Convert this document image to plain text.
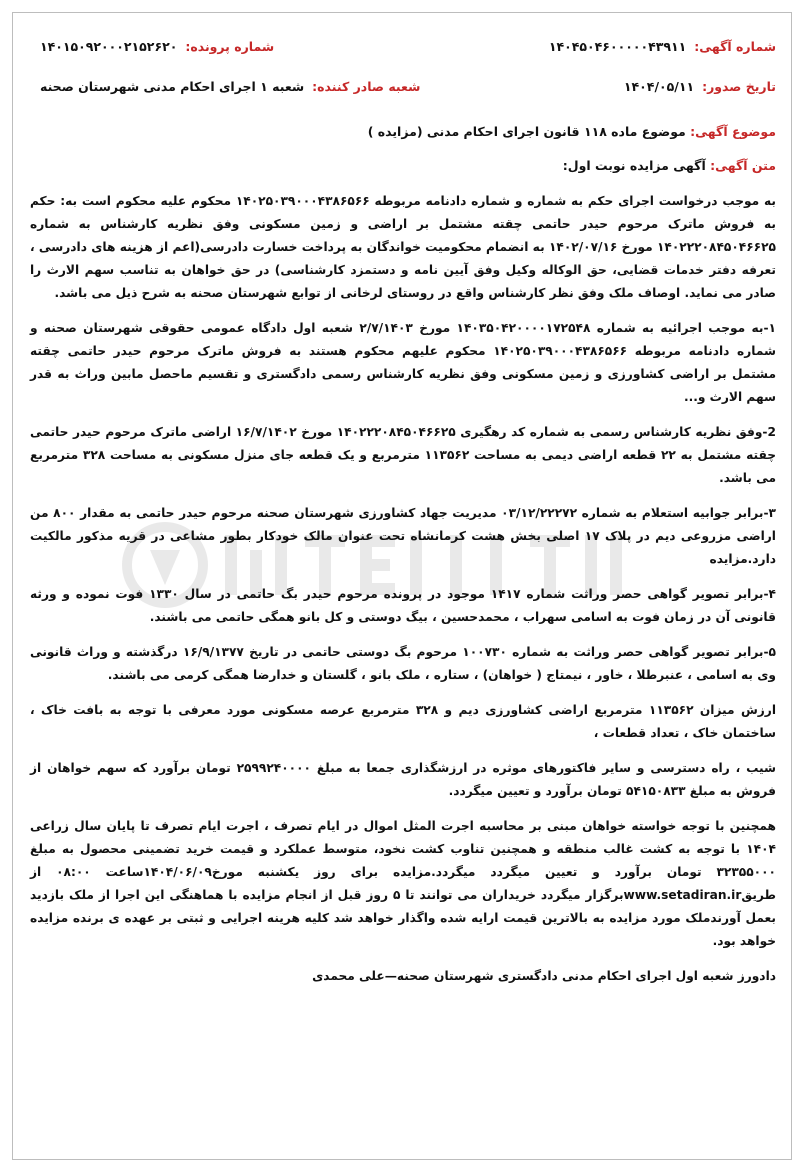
شماره آگهی:
۱۴۰۴۵۰۴۶۰۰۰۰۰۴۳۹۱۱
شماره پرونده:
۱۴۰۱۵۰۹۲۰۰۰۲۱۵۲۶۲۰
تاریخ صدور:
۱۴۰۴/۰۵/۱۱
شعبه صادر کننده:
شعبه ۱ اجرای احکام مدنی شهرستان صحنه
موضوع آگهی: موضوع ماده ۱۱۸ قانون اجرای احکام مدنی (مزایده )
متن آگهی: آگهی مزایده نوبت اول:

به موجب درخواست اجرای حکم به شماره و شماره دادنامه مربوطه ۱۴۰۲۵۰۳۹۰۰۰۴۳۸۶۵۶۶ محکوم علیه محکوم است به: حکم به فروش ماترک مرحوم حیدر حاتمی چقته مشتمل بر اراضی و زمین مسکونی وفق نظریه کارشناس به شماره ۱۴۰۲۲۲۰۸۴۵۰۴۶۶۲۵ مورخ ۱۴۰۲/۰۷/۱۶ به انضمام محکومیت خواندگان به پرداخت خسارت دادرسی(اعم از هزینه های دادرسی ، تعرفه دفتر خدمات قضایی، حق الوکاله وکیل وفق آیین نامه و دستمزد کارشناسی) در حق خواهان به تناسب سهم الارث را صادر می نماید. اوصاف ملک وفق نظر کارشناس واقع در روستای لرخانی از توابع شهرستان صحنه به شرح ذیل می باشد.

۱-به موجب اجرائیه به شماره ۱۴۰۳۵۰۴۲۰۰۰۰۱۷۲۵۴۸ مورخ ۲/۷/۱۴۰۳ شعبه اول دادگاه عمومی حقوقی شهرستان صحنه و شماره دادنامه مربوطه ۱۴۰۲۵۰۳۹۰۰۰۴۳۸۶۵۶۶ محکوم علیهم محکوم هستند به فروش ماترک مرحوم حیدر حاتمی چقته مشتمل بر اراضی کشاورزی و زمین مسکونی وفق نظریه کارشناس رسمی دادگستری و تقسیم ماحصل مابین وراث به قدر سهم الارث و...

2-وفق نظریه کارشناس رسمی به شماره کد رهگیری ۱۴۰۲۲۲۰۸۴۵۰۴۶۶۲۵ مورخ ۱۶/۷/۱۴۰۲ اراضی ماترک مرحوم حیدر حاتمی چقته مشتمل به ۲۲ قطعه اراضی دیمی به مساحت ۱۱۳۵۶۲ مترمربع و یک قطعه جای منزل مسکونی به مساحت ۳۲۸ مترمربع می باشد.

۳-برابر جوابیه استعلام به شماره ۰۳/۱۲/۲۲۲۷۲ مدیریت جهاد کشاورزی شهرستان صحنه مرحوم حیدر حاتمی به مقدار ۸۰۰ من اراضی مزروعی دیم در پلاک ۱۷ اصلی بخش هشت کرمانشاه تحت عنوان مالک خودکار بطور مشاعی در قریه مذکور مالکیت دارد.مزایده

۴-برابر تصویر گواهی حصر وراثت شماره ۱۴۱۷ موجود در پرونده مرحوم حیدر بگ حاتمی در سال ۱۳۳۰ فوت نموده و ورثه قانونی آن در زمان فوت به اسامی سهراب ، محمدحسین ، بیگ دوستی و کل بانو همگی حاتمی می باشند.

۵-برابر تصویر گواهی حصر وراثت به شماره ۱۰۰۷۳۰ مرحوم بگ دوستی حاتمی در تاریخ ۱۶/۹/۱۳۷۷ درگذشته و وراث قانونی وی به اسامی ، عنبرطلا ، خاور ، نیمتاج ( خواهان) ، ستاره ، ملک بانو ، گلستان و خدارضا همگی کرمی می باشند.

ارزش میزان ۱۱۳۵۶۲ مترمربع اراضی کشاورزی دیم و ۳۲۸ مترمربع عرصه مسکونی مورد معرفی با توجه به بافت خاک ، ساختمان خاک ، تعداد قطعات ،

شیب ، راه دسترسی و سایر فاکتورهای موثره در ارزشگذاری جمعا به مبلغ ۲۵۹۹۲۴۰۰۰۰ تومان برآورد که سهم خواهان از فروش به مبلغ ۵۴۱۵۰۸۳۳ تومان برآورد و تعیین میگردد.

همچنین با توجه خواسته خواهان مبنی بر محاسبه اجرت المثل اموال در ایام تصرف ، اجرت ایام تصرف تا پایان سال زراعی ۱۴۰۴ با توجه به کشت غالب منطقه و همچنین تناوب کشت نخود، متوسط عملکرد و قیمت خرید تضمینی محصول به مبلغ ۳۲۳۵۵۰۰۰ تومان برآورد و تعیین میگردد میگردد.مزایده برای روز یکشنبه مورخ۱۴۰۴/۰۶/۰۹ساعت ۰۸:۰۰ از طریقwww.setadiran.irبرگزار میگردد خریداران می توانند تا ۵ روز قبل از انجام مزایده با هماهنگی این اجرا از ملک بازدید بعمل آورندملک مورد مزایده به بالاترین قیمت ارایه شده واگذار خواهد شد کلیه هرینه اجرایی و ثبتی بر عهده ی برنده مزایده خواهد بود.

دادورز شعبه اول اجرای احکام مدنی دادگستری شهرستان صحنه—علی محمدی
